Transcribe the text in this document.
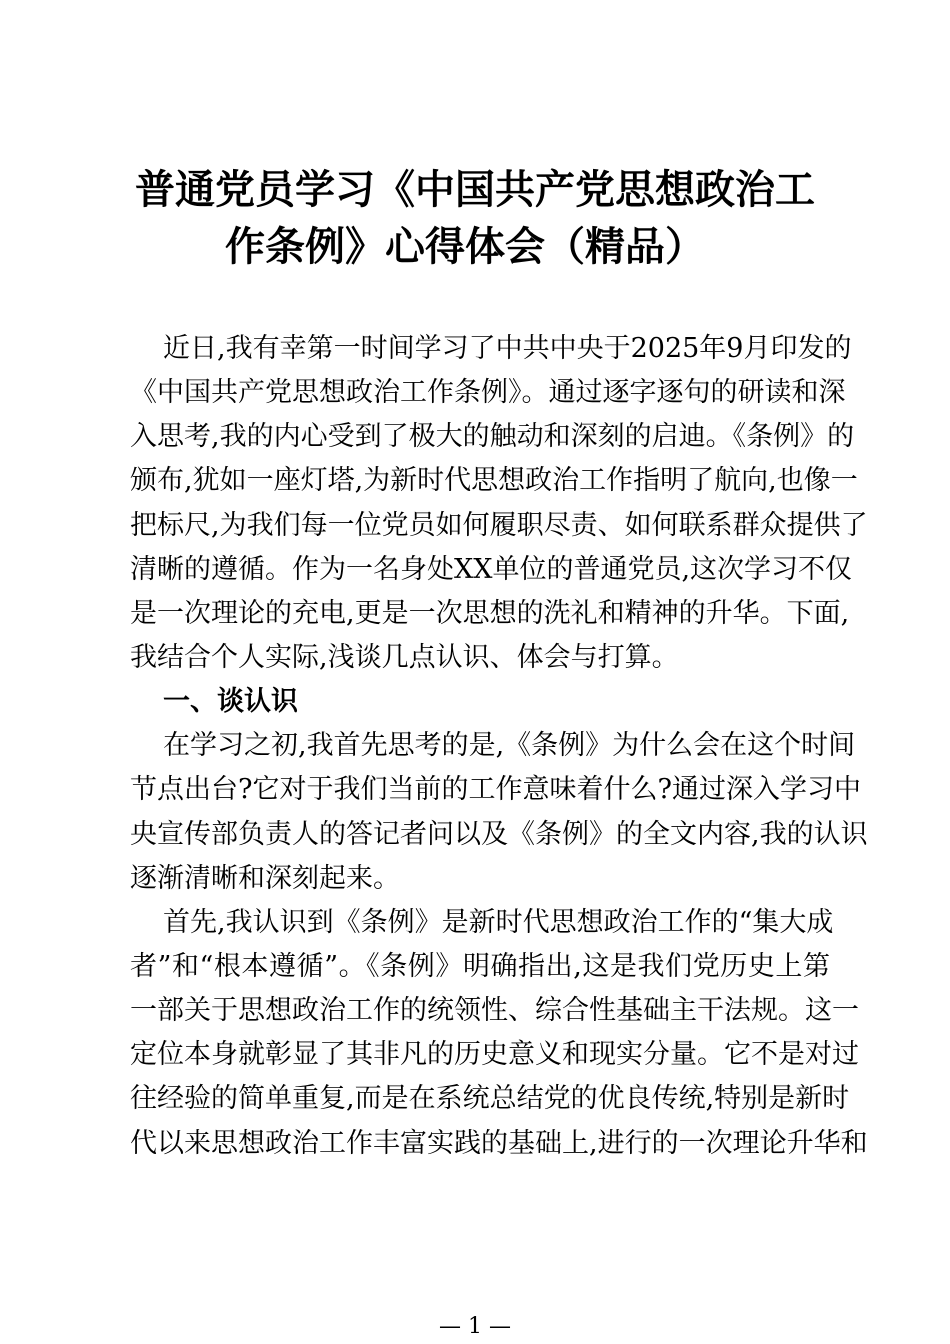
普通党员学习《中国共产党思想政治工
作条例》心得体会（精品）
近日,我有幸第一时间学习了中共中央于2025年9月印发的
《中国共产党思想政治工作条例》。通过逐字逐句的研读和深
入思考,我的内心受到了极大的触动和深刻的启迪。《条例》的
颁布,犹如一座灯塔,为新时代思想政治工作指明了航向,也像一
把标尺,为我们每一位党员如何履职尽责、如何联系群众提供了
清晰的遵循。作为一名身处XX单位的普通党员,这次学习不仅
是一次理论的充电,更是一次思想的洗礼和精神的升华。下面,
我结合个人实际,浅谈几点认识、体会与打算。
一、谈认识
在学习之初,我首先思考的是,《条例》为什么会在这个时间
节点出台?它对于我们当前的工作意味着什么?通过深入学习中
央宣传部负责人的答记者问以及《条例》的全文内容,我的认识
逐渐清晰和深刻起来。
首先,我认识到《条例》是新时代思想政治工作的“集大成
者”和“根本遵循”。《条例》明确指出,这是我们党历史上第
一部关于思想政治工作的统领性、综合性基础主干法规。这一
定位本身就彰显了其非凡的历史意义和现实分量。它不是对过
往经验的简单重复,而是在系统总结党的优良传统,特别是新时
代以来思想政治工作丰富实践的基础上,进行的一次理论升华和
— 1 —
